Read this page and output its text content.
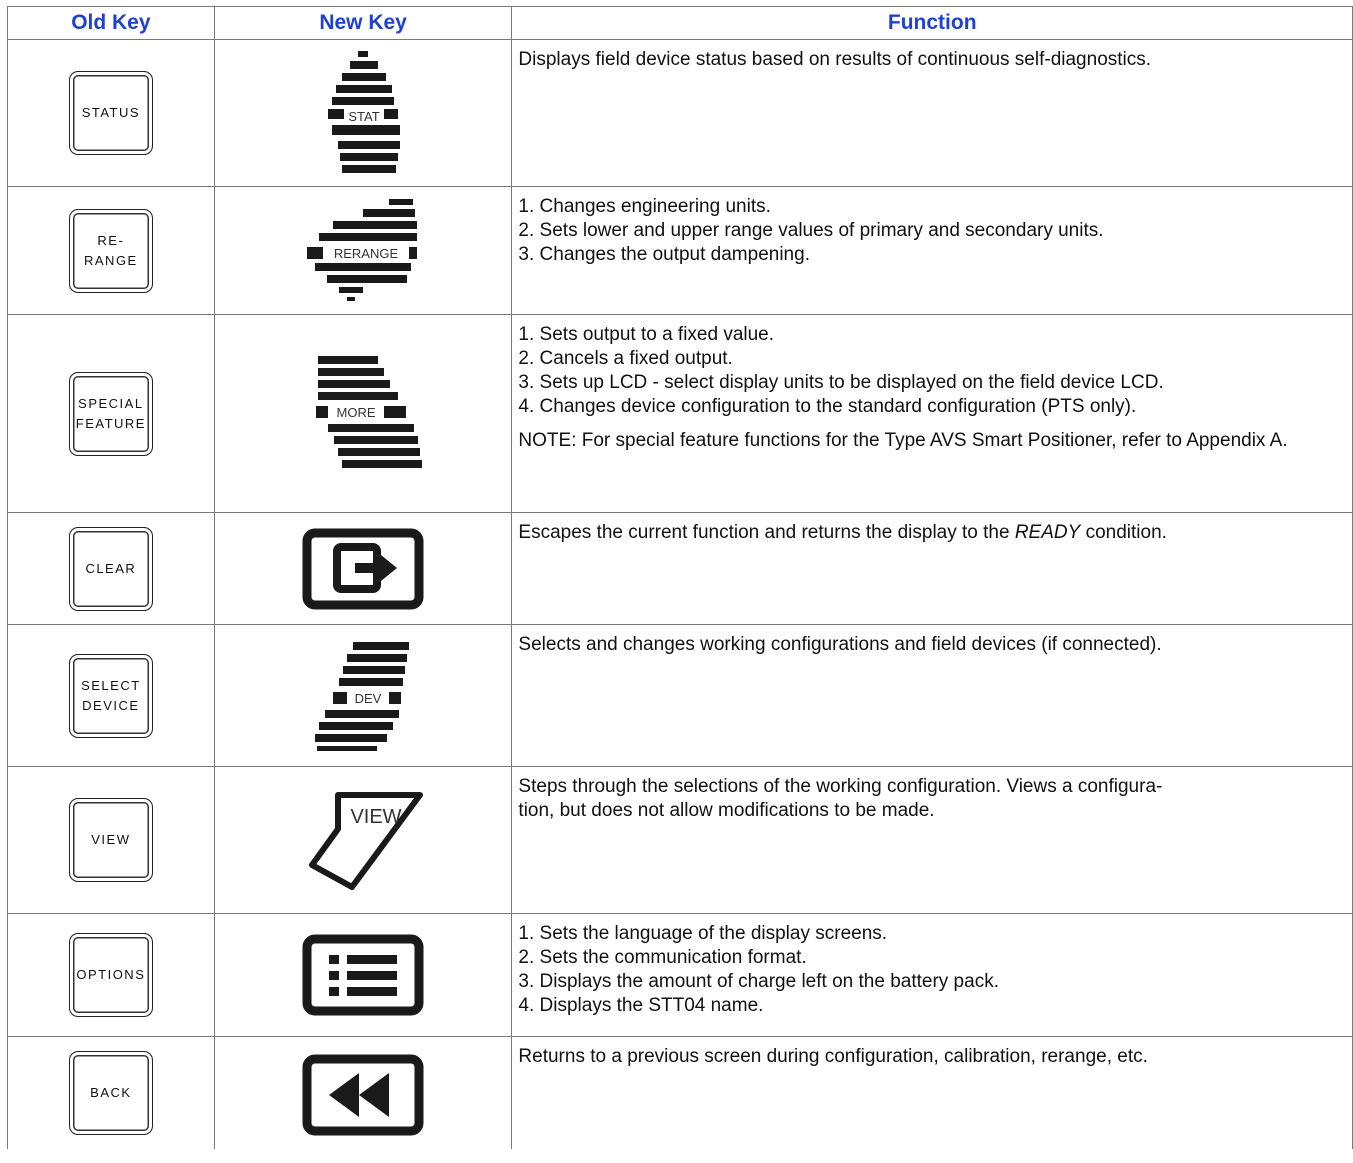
Old Key	New Key	Function

STATUS	STAT	Displays field device status based on results of continuous self-diagnostics.

RE-
RANGE	RERANGE	1. Changes engineering units.
2. Sets lower and upper range values of primary and secondary units.
3. Changes the output dampening.

SPECIAL
FEATURE	MORE	1. Sets output to a fixed value.
2. Cancels a fixed output.
3. Sets up LCD - select display units to be displayed on the field device LCD.
4. Changes device configuration to the standard configuration (PTS only).
NOTE: For special feature functions for the Type AVS Smart Positioner, refer to Appendix A.

CLEAR		Escapes the current function and returns the display to the READY condition.

SELECT
DEVICE	DEV	Selects and changes working configurations and field devices (if connected).

VIEW	VIEW	Steps through the selections of the working configuration. Views a configura-
tion, but does not allow modifications to be made.

OPTIONS		1. Sets the language of the display screens.
2. Sets the communication format.
3. Displays the amount of charge left on the battery pack.
4. Displays the STT04 name.

BACK		Returns to a previous screen during configuration, calibration, rerange, etc.
